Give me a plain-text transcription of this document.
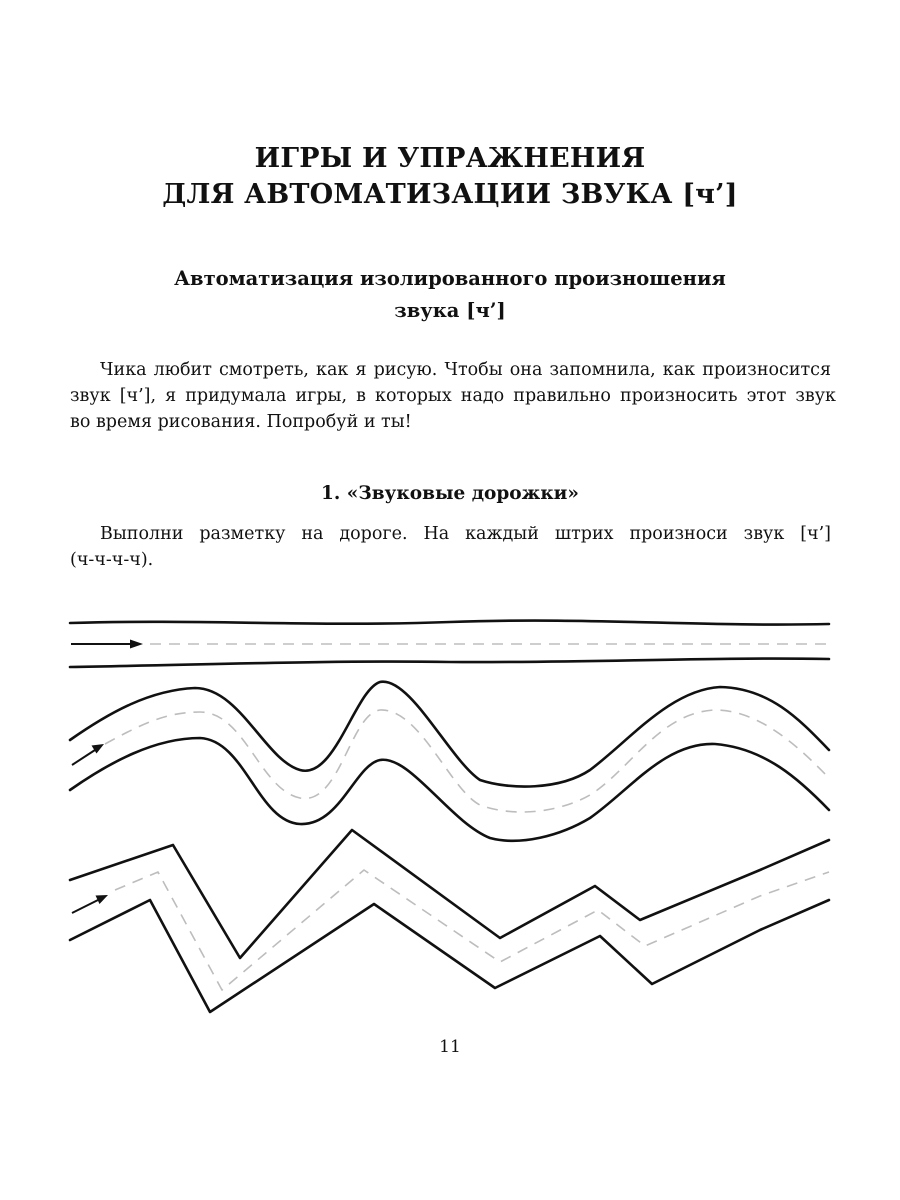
ИГРЫ И УПРАЖНЕНИЯ
ДЛЯ АВТОМАТИЗАЦИИ ЗВУКА [ч’]
Автоматизация изолированного произношения
звука [ч’]

Чика любит смотреть, как я рисую. Чтобы она запомнила, как произносится

звук [ч’], я придумала игры, в которых надо правильно произносить этот звук

во время рисования. Попробуй и ты!

1. «Звуковые дорожки»

Выполни разметку на дороге. На каждый штрих произноси звук [ч’]

(ч-ч-ч-ч).

11
